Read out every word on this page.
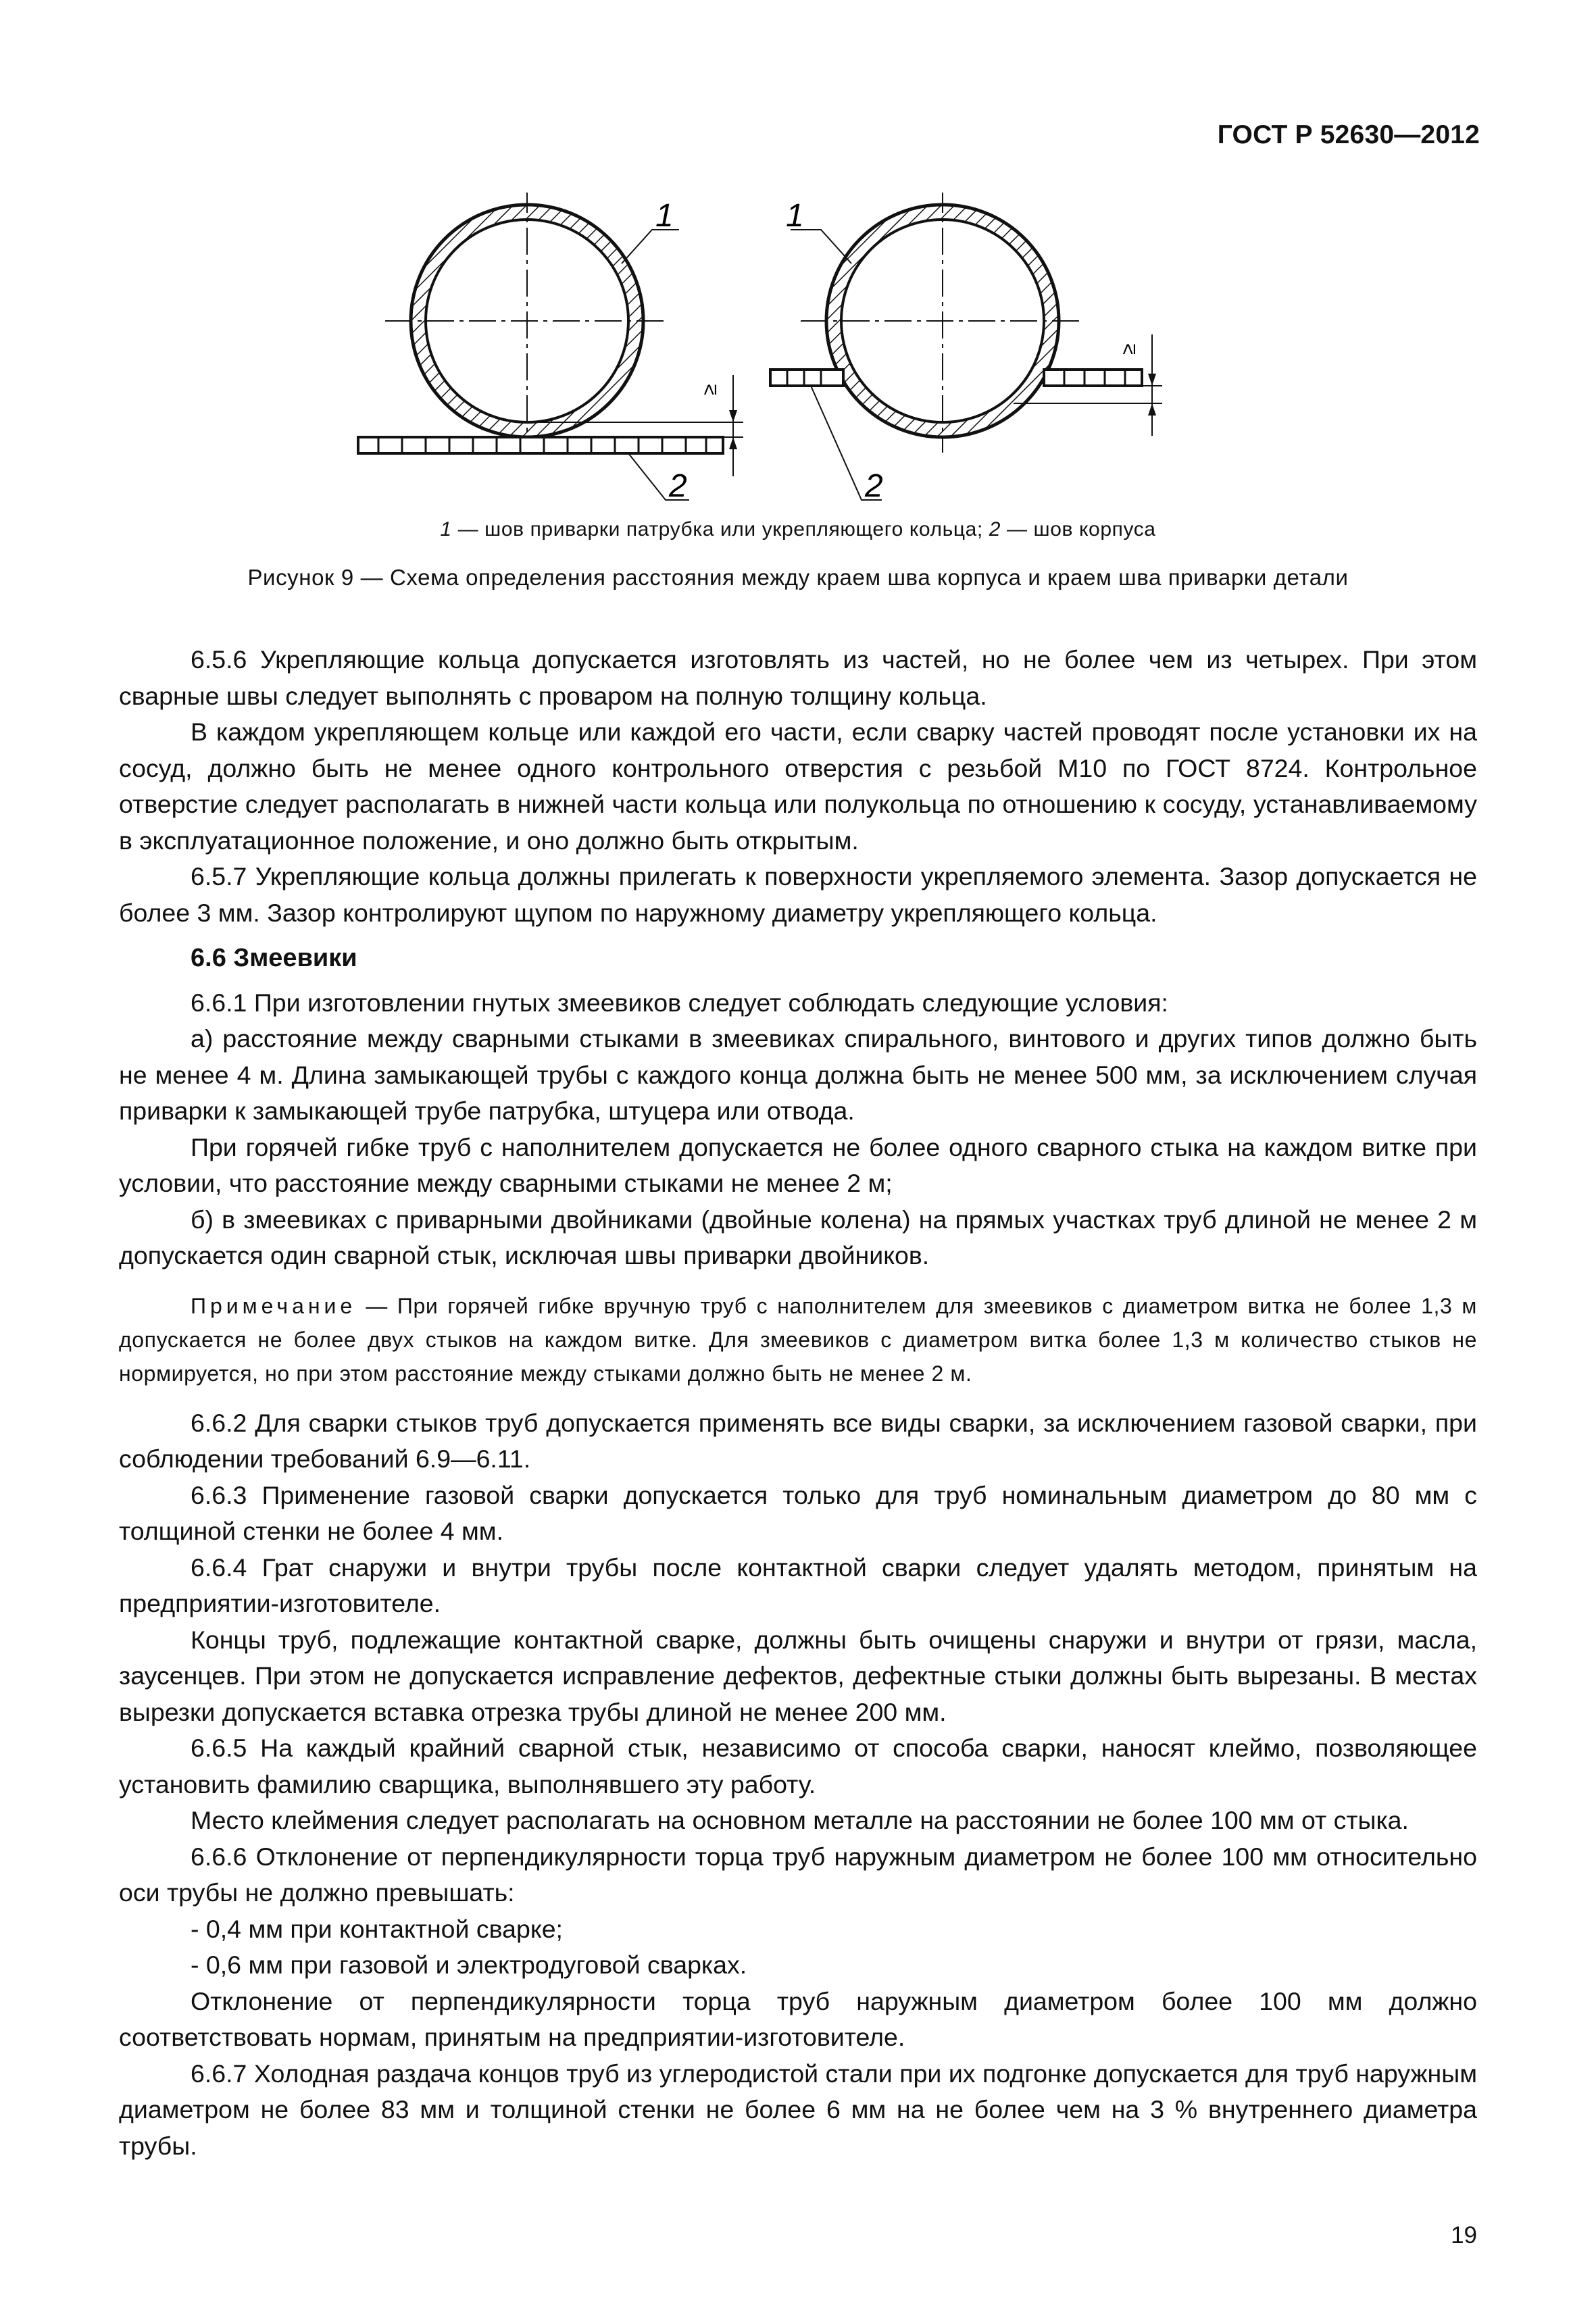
ГОСТ Р 52630—2012
≥
1
2
≥
1
2
1 — шов приварки патрубка или укрепляющего кольца; 2 — шов корпуса
Рисунок 9 — Схема определения расстояния между краем шва корпуса и краем шва приварки детали

6.5.6 Укрепляющие кольца допускается изготовлять из частей, но не более чем из четырех. При этом сварные швы следует выполнять с проваром на полную толщину кольца.

В каждом укрепляющем кольце или каждой его части, если сварку частей проводят после установки их на сосуд, должно быть не менее одного контрольного отверстия с резьбой М10 по ГОСТ 8724. Контрольное отверстие следует располагать в нижней части кольца или полукольца по отношению к сосуду, устанавливаемому в эксплуатационное положение, и оно должно быть открытым.

6.5.7 Укрепляющие кольца должны прилегать к поверхности укрепляемого элемента. Зазор допускается не более 3 мм. Зазор контролируют щупом по наружному диаметру укрепляющего кольца.

6.6 Змеевики

6.6.1 При изготовлении гнутых змеевиков следует соблюдать следующие условия:

а) расстояние между сварными стыками в змеевиках спирального, винтового и других типов должно быть не менее 4 м. Длина замыкающей трубы с каждого конца должна быть не менее 500 мм, за исключением случая приварки к замыкающей трубе патрубка, штуцера или отвода.

При горячей гибке труб с наполнителем допускается не более одного сварного стыка на каждом витке при условии, что расстояние между сварными стыками не менее 2 м;

б) в змеевиках с приварными двойниками (двойные колена) на прямых участках труб длиной не менее 2 м допускается один сварной стык, исключая швы приварки двойников.

Примечание — При горячей гибке вручную труб с наполнителем для змеевиков с диаметром витка не более 1,3 м допускается не более двух стыков на каждом витке. Для змеевиков с диаметром витка более 1,3 м количество стыков не нормируется, но при этом расстояние между стыками должно быть не менее 2 м.

6.6.2 Для сварки стыков труб допускается применять все виды сварки, за исключением газовой сварки, при соблюдении требований 6.9—6.11.

6.6.3 Применение газовой сварки допускается только для труб номинальным диаметром до 80 мм с толщиной стенки не более 4 мм.

6.6.4 Грат снаружи и внутри трубы после контактной сварки следует удалять методом, принятым на предприятии-изготовителе.

Концы труб, подлежащие контактной сварке, должны быть очищены снаружи и внутри от грязи, масла, заусенцев. При этом не допускается исправление дефектов, дефектные стыки должны быть вырезаны. В местах вырезки допускается вставка отрезка трубы длиной не менее 200 мм.

6.6.5 На каждый крайний сварной стык, независимо от способа сварки, наносят клеймо, позволяющее установить фамилию сварщика, выполнявшего эту работу.

Место клеймения следует располагать на основном металле на расстоянии не более 100 мм от стыка.

6.6.6 Отклонение от перпендикулярности торца труб наружным диаметром не более 100 мм относительно оси трубы не должно превышать:

- 0,4 мм при контактной сварке;

- 0,6 мм при газовой и электродуговой сварках.

Отклонение от перпендикулярности торца труб наружным диаметром более 100 мм должно соответствовать нормам, принятым на предприятии-изготовителе.

6.6.7 Холодная раздача концов труб из углеродистой стали при их подгонке допускается для труб наружным диаметром не более 83 мм и толщиной стенки не более 6 мм на не более чем на 3 % внутреннего диаметра трубы.

19
